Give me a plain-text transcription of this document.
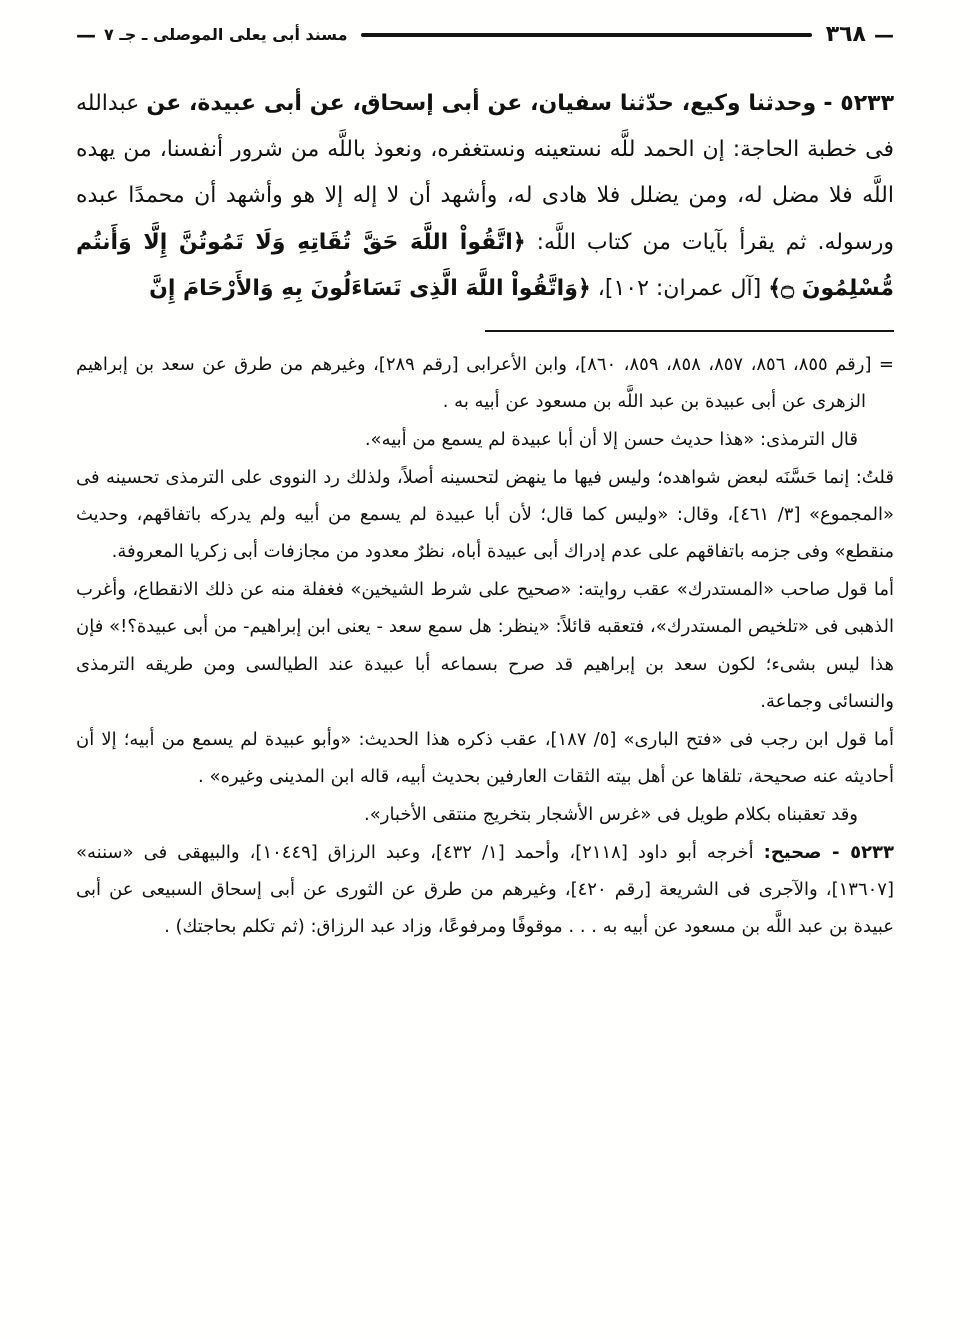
—
٣٦٨
مسند أبى يعلى الموصلى ـ جـ ٧
—

٥٢٣٣ - وحدثنا وكيع، حدّثنا سفيان، عن أبى إسحاق، عن أبى عبيدة، عن عبدالله فى خطبة الحاجة: إن الحمد للَّه نستعينه ونستغفره، ونعوذ باللَّه من شرور أنفسنا، من يهده اللَّه فلا مضل له، ومن يضلل فلا هادى له، وأشهد أن لا إله إلا هو وأشهد أن محمدًا عبده ورسوله. ثم يقرأ بآيات من كتاب اللَّه: ﴿اتَّقُواْ اللَّهَ حَقَّ تُقَاتِهِ وَلَا تَمُوتُنَّ إِلَّا وَأَنتُم مُّسْلِمُونَ ۝﴾ [آل عمران: ١٠٢]، ﴿وَاتَّقُواْ اللَّهَ الَّذِى تَسَاءَلُونَ بِهِ وَالأَرْحَامَ إِنَّ

= [رقم ٨٥٥، ٨٥٦، ٨٥٧، ٨٥٨، ٨٥٩، ٨٦٠]، وابن الأعرابى [رقم ٢٨٩]، وغيرهم من طرق عن سعد بن إبراهيم الزهرى عن أبى عبيدة بن عبد اللَّه بن مسعود عن أبيه به .

قال الترمذى: «هذا حديث حسن إلا أن أبا عبيدة لم يسمع من أبيه».

قلتُ: إنما حَسَّنَه لبعض شواهده؛ وليس فيها ما ينهض لتحسينه أصلاً، ولذلك رد النووى على الترمذى تحسينه فى «المجموع» [٣/ ٤٦١]، وقال: «وليس كما قال؛ لأن أبا عبيدة لم يسمع من أبيه ولم يدركه باتفاقهم، وحديث منقطع» وفى جزمه باتفاقهم على عدم إدراك أبى عبيدة أباه، نظرٌ معدود من مجازفات أبى زكريا المعروفة.

أما قول صاحب «المستدرك» عقب روايته: «صحيح على شرط الشيخين» فغفلة منه عن ذلك الانقطاع، وأغرب الذهبى فى «تلخيص المستدرك»، فتعقبه قائلاً: «ينظر: هل سمع سعد - يعنى ابن إبراهيم- من أبى عبيدة؟!» فإن هذا ليس بشىء؛ لكون سعد بن إبراهيم قد صرح بسماعه أبا عبيدة عند الطيالسى ومن طريقه الترمذى والنسائى وجماعة.

أما قول ابن رجب فى «فتح البارى» [٥/ ١٨٧]، عقب ذكره هذا الحديث: «وأبو عبيدة لم يسمع من أبيه؛ إلا أن أحاديثه عنه صحيحة، تلقاها عن أهل بيته الثقات العارفين بحديث أبيه، قاله ابن المدينى وغيره» .

وقد تعقبناه بكلام طويل فى «غرس الأشجار بتخريج منتقى الأخبار».

٥٢٣٣ - صحيح: أخرجه أبو داود [٢١١٨]، وأحمد [١/ ٤٣٢]، وعبد الرزاق [١٠٤٤٩]، والبيهقى فى «سننه» [١٣٦٠٧]، والآجرى فى الشريعة [رقم ٤٢٠]، وغيرهم من طرق عن الثورى عن أبى إسحاق السبيعى عن أبى عبيدة بن عبد اللَّه بن مسعود عن أبيه به . . . موقوفًا ومرفوعًا، وزاد عبد الرزاق: (ثم تكلم بحاجتك) .
